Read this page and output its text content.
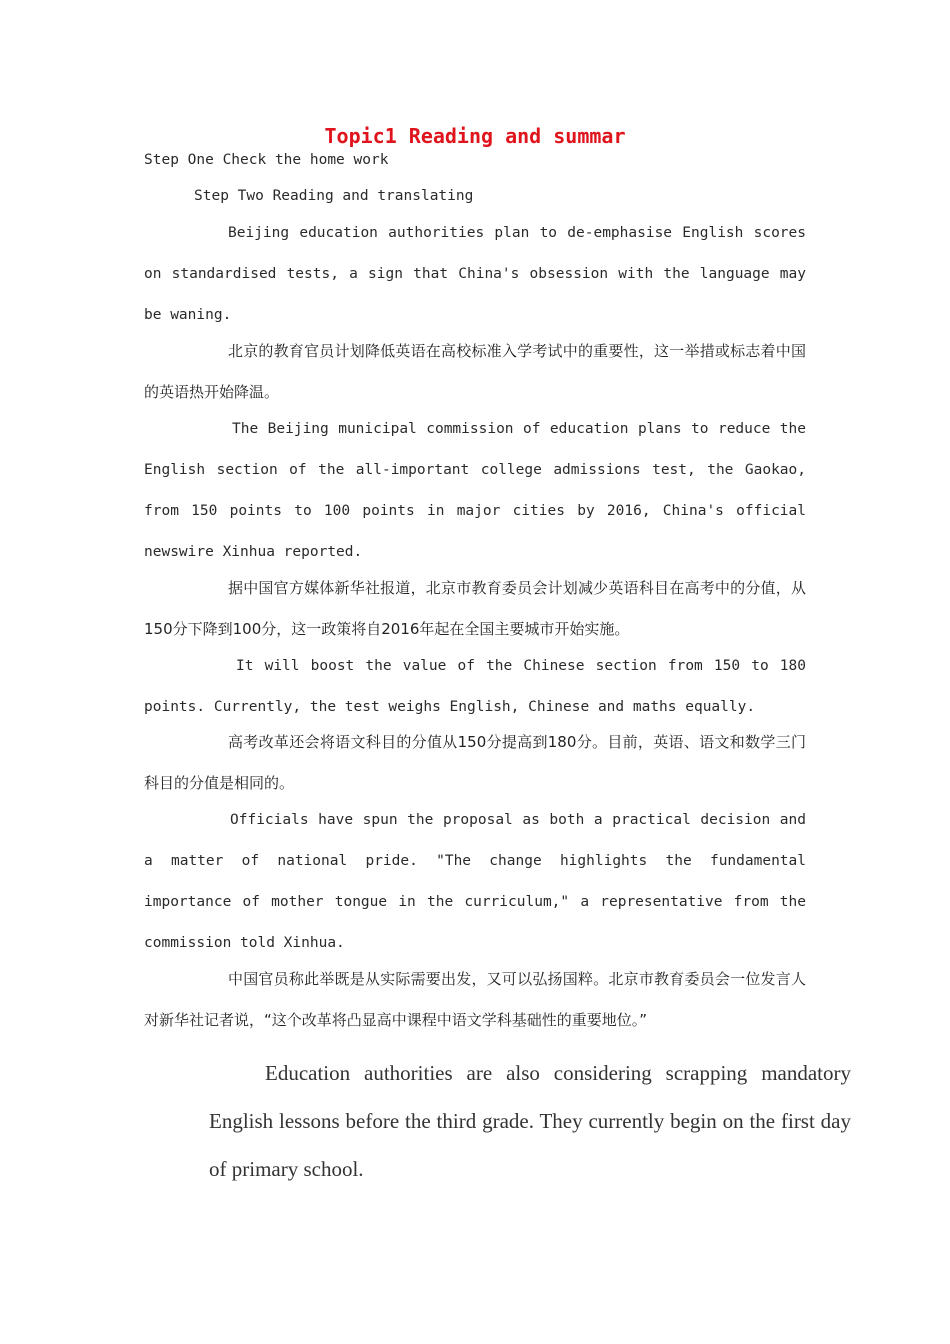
Topic1 Reading and summar
Step One Check the home work
Step Two Reading and translating
Beijing education authorities plan to de-emphasise English scores on standardised tests, a sign that China's obsession with the language may be waning.
北京的教育官员计划降低英语在高校标准入学考试中的重要性，这一举措或标志着中国的英语热开始降温。
The Beijing municipal commission of education plans to reduce the English section of the all-important college admissions test, the Gaokao, from 150 points to 100 points in major cities by 2016, China's official newswire Xinhua reported.
据中国官方媒体新华社报道，北京市教育委员会计划减少英语科目在高考中的分值，从150分下降到100分，这一政策将自2016年起在全国主要城市开始实施。
It will boost the value of the Chinese section from 150 to 180 points. Currently, the test weighs English, Chinese and maths equally.
高考改革还会将语文科目的分值从150分提高到180分。目前，英语、语文和数学三门科目的分值是相同的。
Officials have spun the proposal as both a practical decision and a matter of national pride. "The change highlights the fundamental importance of mother tongue in the curriculum," a representative from the commission told Xinhua.
中国官员称此举既是从实际需要出发，又可以弘扬国粹。北京市教育委员会一位发言人对新华社记者说，“这个改革将凸显高中课程中语文学科基础性的重要地位。”
Education authorities are also considering scrapping mandatory English lessons before the third grade. They currently begin on the first day of primary school.
